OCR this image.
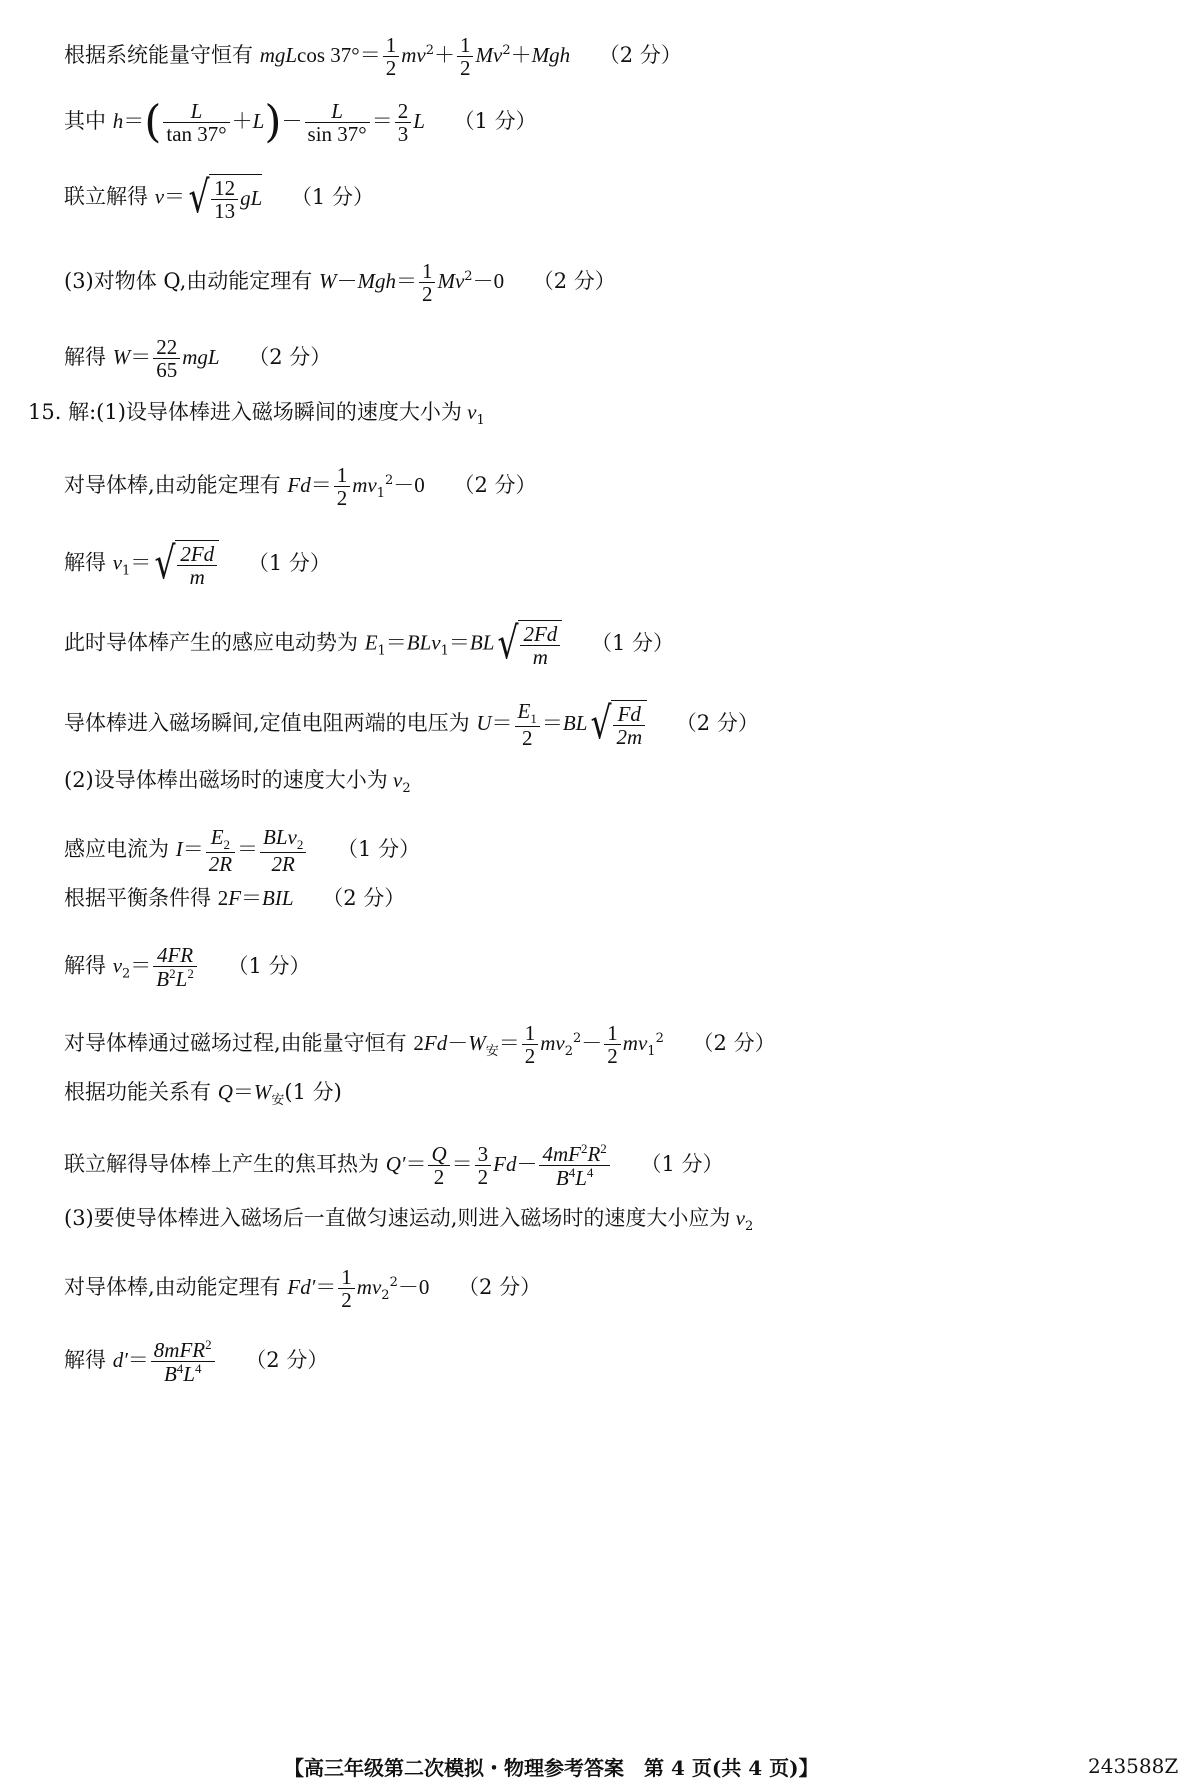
根据系统能量守恒有 mgLcos $37^\circ= \frac{1}{2} mv^2+ \frac{1}{2} Mv^2+Mgh$ （2 分）
其中 $h=( \frac{L}{\tan 37^\circ} +L)- \frac{L}{\sin 37^\circ} = \frac{2}{3}$ L （1 分）
联立解得 $v=√ \frac{12}{13}$ gL （1 分）
(3)对物体 Q,由动能定理有 $W-Mgh= \frac{1}{2} Mv^2-0$ （2 分）
解得 $W= \frac{22}{65}$ mgL （2 分）
15. 解:(1)设导体棒进入磁场瞬间的速度大小为 $v_1$
对导体棒,由动能定理有 $Fd= \frac{1}{2} mv_1^2-0$ （2 分）
解得 $v_1=√ \frac{2Fd}{m} (1$ 分）
此时导体棒产生的感应电动势为 $E_1=BLv_1=BL√ \frac{2Fd}{m} (1$ 分）
导体棒进入磁场瞬间,定值电阻两端的电压为 $U= \frac{E_1}{2} =BL√ \frac{Fd}{2m} (2$ 分）
(2)设导体棒出磁场时的速度大小为 $v_2$
感应电流为 $I= \frac{E_2}{2R} = \frac{BLv_2}{2R} (1$ 分）
根据平衡条件得 2F＝BIL （2 分）
解得 $v_2= \frac{4FR}{B^2L^2} (1$ 分）
对导体棒通过磁场过程,由能量守恒有 $2Fd-W_安= \frac{1}{2} mv_2^2- \frac{1}{2} mv_1^2$ （2 分）
根据功能关系有 $Q=W_安(1$ 分)
联立解得导体棒上产生的焦耳热为 $Q'= \frac{Q}{2} = \frac{3}{2} Fd- \frac{4mF^2R^2}{B^4L^4} (1$ 分）
(3)要使导体棒进入磁场后一直做匀速运动,则进入磁场时的速度大小应为 $v_2$
对导体棒,由动能定理有 $Fd'= \frac{1}{2} mv_2^2-0$ （2 分）
解得 $d'= \frac{8mFR^2}{B^4L^4} (2$ 分）
【高三年级第二次模拟・物理参考答案　第 4 页(共 4 页)】	243588Z
